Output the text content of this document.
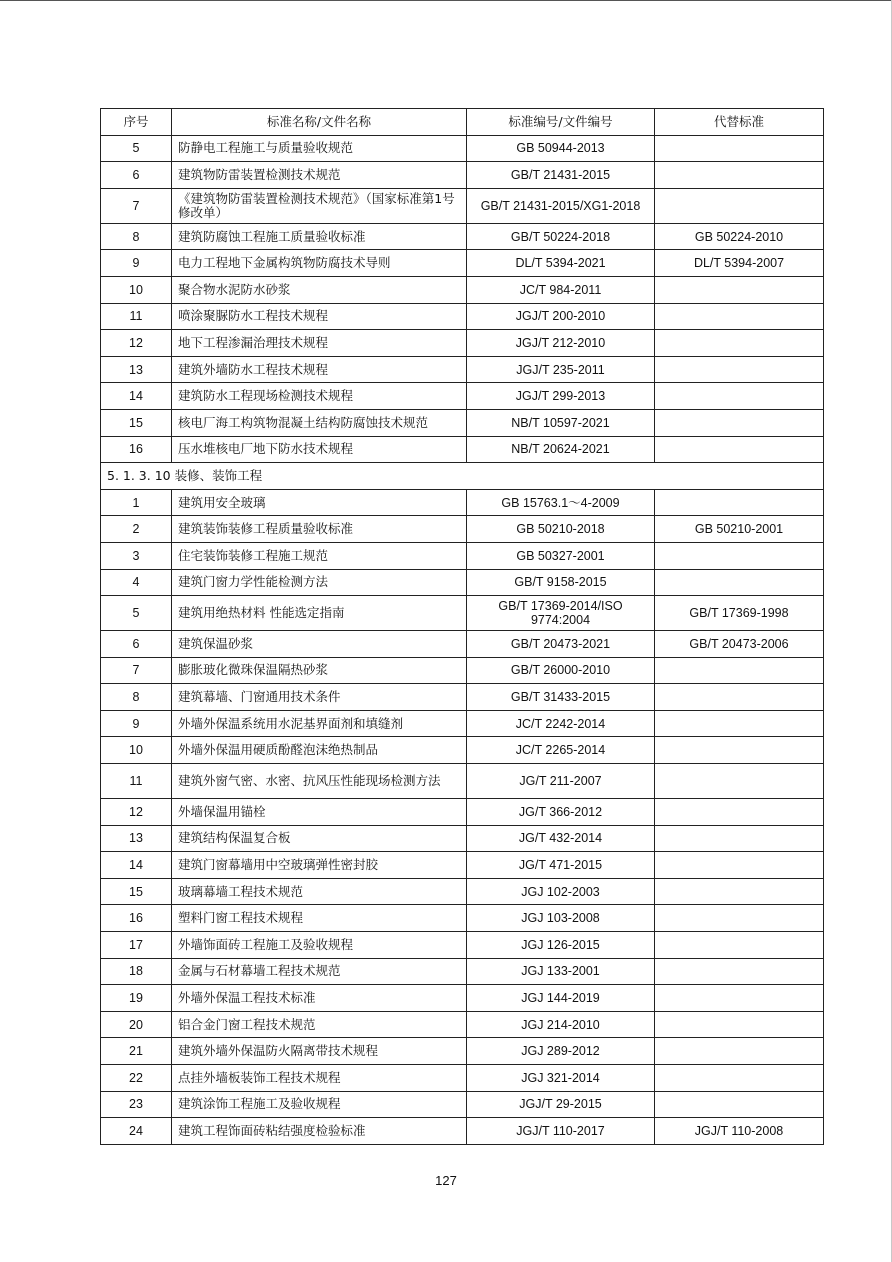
序号	标准名称/文件名称	标准编号/文件编号	代替标准
5	防静电工程施工与质量验收规范	GB 50944-2013	
6	建筑物防雷装置检测技术规范	GB/T 21431-2015	
7	《建筑物防雷装置检测技术规范》（国家标准第1号修改单）	GB/T 21431-2015/XG1-2018	
8	建筑防腐蚀工程施工质量验收标准	GB/T 50224-2018	GB 50224-2010
9	电力工程地下金属构筑物防腐技术导则	DL/T 5394-2021	DL/T 5394-2007
10	聚合物水泥防水砂浆	JC/T 984-2011	
11	喷涂聚脲防水工程技术规程	JGJ/T 200-2010	
12	地下工程渗漏治理技术规程	JGJ/T 212-2010	
13	建筑外墙防水工程技术规程	JGJ/T 235-2011	
14	建筑防水工程现场检测技术规程	JGJ/T 299-2013	
15	核电厂海工构筑物混凝土结构防腐蚀技术规范	NB/T 10597-2021	
16	压水堆核电厂地下防水技术规程	NB/T 20624-2021	
5. 1. 3. 10 装修、装饰工程			
1	建筑用安全玻璃	GB 15763.1～4-2009	
2	建筑装饰装修工程质量验收标准	GB 50210-2018	GB 50210-2001
3	住宅装饰装修工程施工规范	GB 50327-2001	
4	建筑门窗力学性能检测方法	GB/T 9158-2015	
5	建筑用绝热材料 性能选定指南	GB/T 17369-2014/ISO 9774:2004	GB/T 17369-1998
6	建筑保温砂浆	GB/T 20473-2021	GB/T 20473-2006
7	膨胀玻化微珠保温隔热砂浆	GB/T 26000-2010	
8	建筑幕墙、门窗通用技术条件	GB/T 31433-2015	
9	外墙外保温系统用水泥基界面剂和填缝剂	JC/T 2242-2014	
10	外墙外保温用硬质酚醛泡沫绝热制品	JC/T 2265-2014	
11	建筑外窗气密、水密、抗风压性能现场检测方法	JG/T 211-2007	
12	外墙保温用锚栓	JG/T 366-2012	
13	建筑结构保温复合板	JG/T 432-2014	
14	建筑门窗幕墙用中空玻璃弹性密封胶	JG/T 471-2015	
15	玻璃幕墙工程技术规范	JGJ 102-2003	
16	塑料门窗工程技术规程	JGJ 103-2008	
17	外墙饰面砖工程施工及验收规程	JGJ 126-2015	
18	金属与石材幕墙工程技术规范	JGJ 133-2001	
19	外墙外保温工程技术标准	JGJ 144-2019	
20	铝合金门窗工程技术规范	JGJ 214-2010	
21	建筑外墙外保温防火隔离带技术规程	JGJ 289-2012	
22	点挂外墙板装饰工程技术规程	JGJ 321-2014	
23	建筑涂饰工程施工及验收规程	JGJ/T 29-2015	
24	建筑工程饰面砖粘结强度检验标准	JGJ/T 110-2017	JGJ/T 110-2008
127
